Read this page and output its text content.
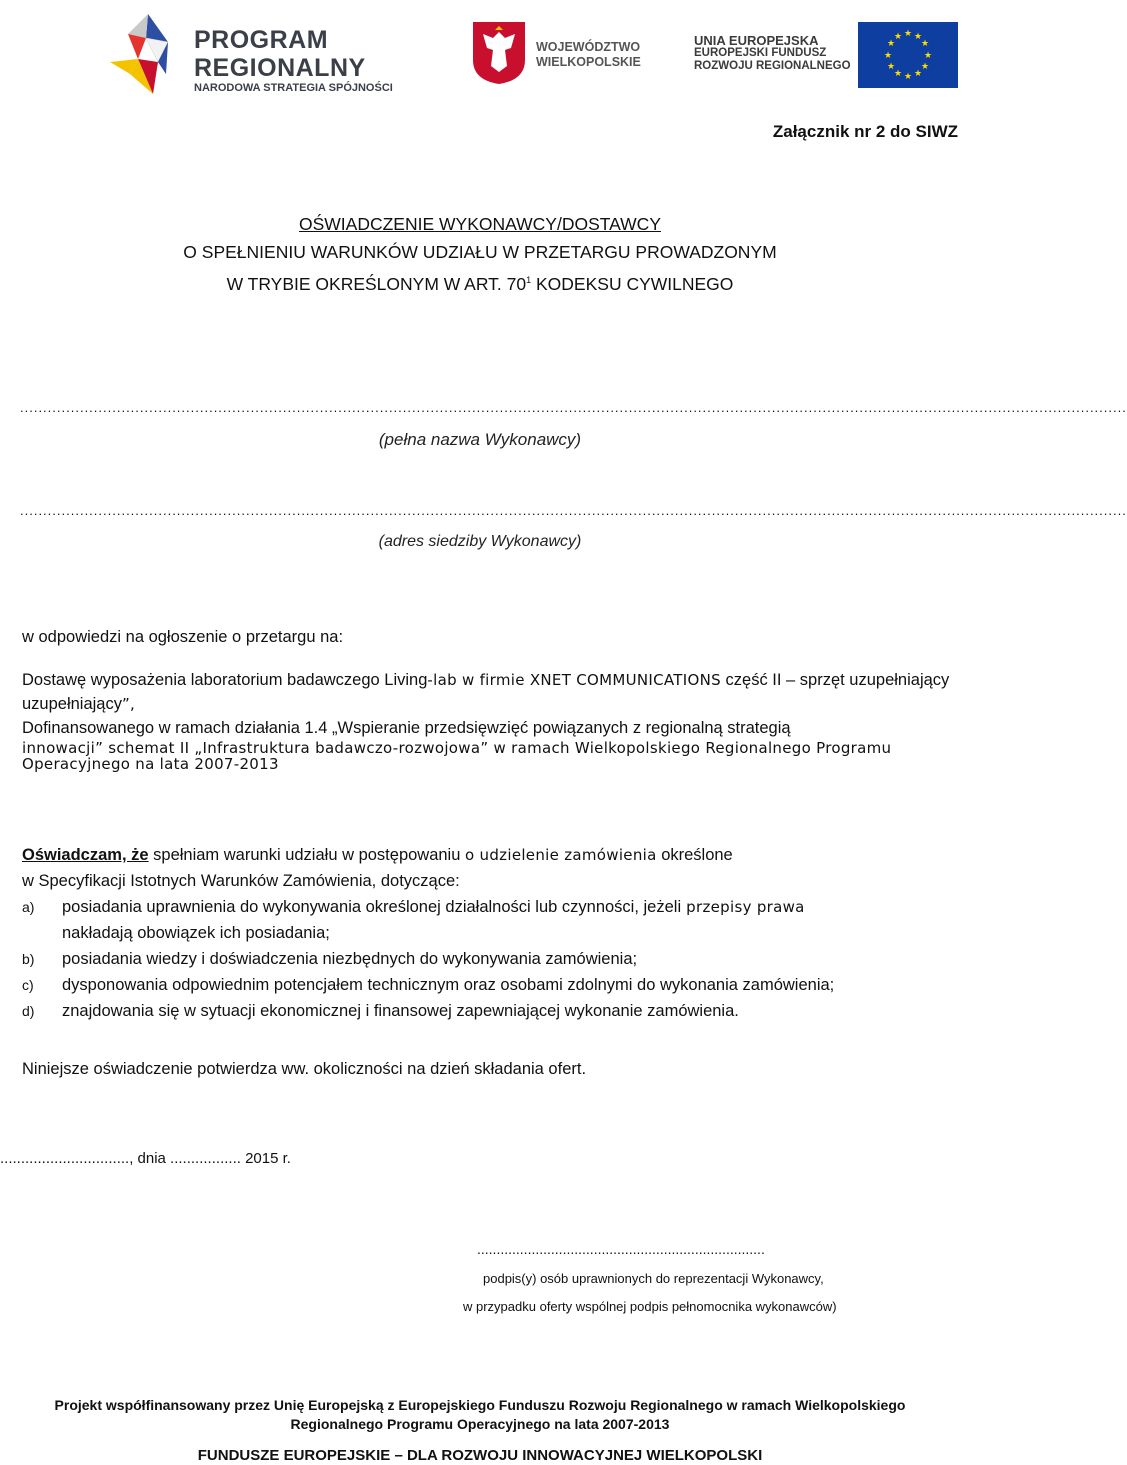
PROGRAM
REGIONALNY
NARODOWA STRATEGIA SPÓJNOŚCI
WOJEWÓDZTWO
WIELKOPOLSKIE
UNIA EUROPEJSKA
EUROPEJSKI FUNDUSZ
ROZWOJU REGIONALNEGO
★ ★
★
★
★
★
★
★
★
★
★
★
Załącznik nr 2 do SIWZ
OŚWIADCZENIE WYKONAWCY/DOSTAWCY
O SPEŁNIENIU WARUNKÓW UDZIAŁU W PRZETARGU PROWADZONYM
W TRYBIE OKREŚLONYM W ART. $70^1$ KODEKSU CYWILNEGO
................................................................................................................................................................................................................................................
(pełna nazwa Wykonawcy)
................................................................................................................................................................................................................................................
(adres siedziby Wykonawcy)
w odpowiedzi na ogłoszenie o przetargu na:
Dostawę wyposażenia laboratorium badawczego Living-lab w firmie XNET COMMUNICATIONS część II – sprzęt uzupełniający
uzupełniający”,
Dofinansowanego w ramach działania 1.4 „Wspieranie przedsięwzięć powiązanych z regionalną strategią
innowacji” schemat II „Infrastruktura badawczo-rozwojowa” w ramach Wielkopolskiego Regionalnego Programu
Operacyjnego na lata 2007-2013
Oświadczam, że spełniam warunki udziału w postępowaniu o udzielenie zamówienia określone
w Specyfikacji Istotnych Warunków Zamówienia, dotyczące:
a)	posiadania uprawnienia do wykonywania określonej działalności lub czynności, jeżeli przepisy prawa
nakładają obowiązek ich posiadania;
b)	posiadania wiedzy i doświadczenia niezbędnych do wykonywania zamówienia;
c)	dysponowania odpowiednim potencjałem technicznym oraz osobami zdolnymi do wykonania zamówienia;
d)	znajdowania się w sytuacji ekonomicznej i finansowej zapewniającej wykonanie zamówienia.
Niniejsze oświadczenie potwierdza ww. okoliczności na dzień składania ofert.
..............................., dnia ................. 2015 r.
..........................................................................
podpis(y) osób uprawnionych do reprezentacji Wykonawcy,
w przypadku oferty wspólnej podpis pełnomocnika wykonawców)
Projekt współfinansowany przez Unię Europejską z Europejskiego Funduszu Rozwoju Regionalnego w ramach Wielkopolskiego
Regionalnego Programu Operacyjnego na lata 2007-2013
FUNDUSZE EUROPEJSKIE – DLA ROZWOJU INNOWACYJNEJ WIELKOPOLSKI
